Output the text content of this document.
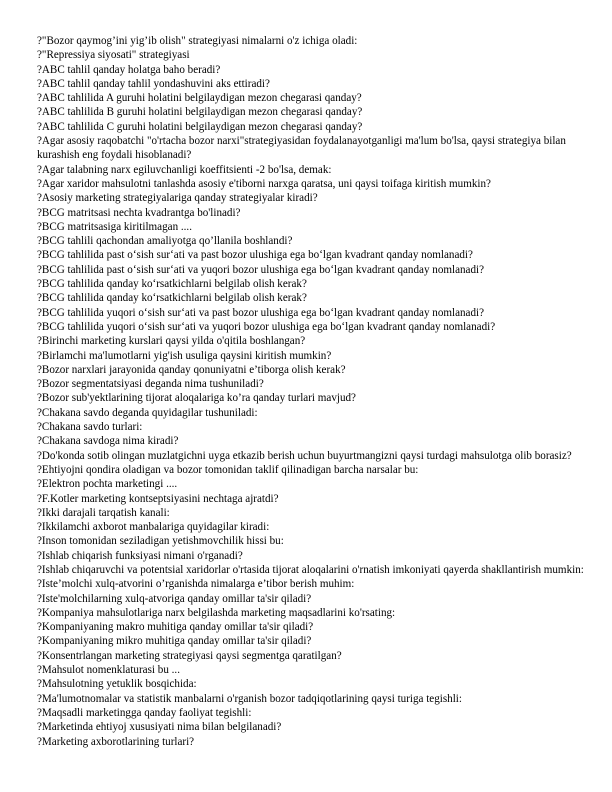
?"Bozor qaymog’ini yig’ib olish" strategiyasi nimalarni o'z ichiga oladi:

?"Repressiya siyosati" strategiyasi

?ABC tahlil qanday holatga baho beradi?

?ABC tahlil qanday tahlil yondashuvini aks ettiradi?

?ABC tahlilida A guruhi holatini belgilaydigan mezon chegarasi qanday?

?ABC tahlilida B guruhi holatini belgilaydigan mezon chegarasi qanday?

?ABC tahlilida C guruhi holatini belgilaydigan mezon chegarasi qanday?

?Agar asosiy raqobatchi "o'rtacha bozor narxi"strategiyasidan foydalanayotganligi ma'lum bo'lsa, qaysi strategiya bilan kurashish eng foydali hisoblanadi?

?Agar talabning narx egiluvchanligi koeffitsienti -2 bo'lsa, demak:

?Agar xaridor mahsulotni tanlashda asosiy e'tiborni narxga qaratsa, uni qaysi toifaga kiritish mumkin?

?Asosiy marketing strategiyalariga qanday strategiyalar kiradi?

?BCG matritsasi nechta kvadrantga bo'linadi?

?BCG matritsasiga kiritilmagan ....

?BCG tahlili qachondan amaliyotga qo’llanila boshlandi?

?BCG tahlilida past o‘sish sur‘ati va past bozor ulushiga ega bo‘lgan kvadrant qanday nomlanadi?

?BCG tahlilida past o‘sish sur‘ati va yuqori bozor ulushiga ega bo‘lgan kvadrant qanday nomlanadi?

?BCG tahlilida qanday ko‘rsatkichlarni belgilab olish kerak?

?BCG tahlilida qanday ko‘rsatkichlarni belgilab olish kerak?

?BCG tahlilida yuqori o‘sish sur‘ati va past bozor ulushiga ega bo‘lgan kvadrant qanday nomlanadi?

?BCG tahlilida yuqori o‘sish sur‘ati va yuqori bozor ulushiga ega bo‘lgan kvadrant qanday nomlanadi?

?Birinchi marketing kurslari qaysi yilda o'qitila boshlangan?

?Birlamchi ma'lumotlarni yig'ish usuliga qaysini kiritish mumkin?

?Bozor narxlari jarayonida qanday qonuniyatni e’tiborga olish kerak?

?Bozor segmentatsiyasi deganda nima tushuniladi?

?Bozor sub'yektlarining tijorat aloqalariga ko’ra qanday turlari mavjud?

?Chakana savdo deganda quyidagilar tushuniladi:

?Chakana savdo turlari:

?Chakana savdoga nima kiradi?

?Do'konda sotib olingan muzlatgichni uyga etkazib berish uchun buyurtmangizni qaysi turdagi mahsulotga olib borasiz?

?Ehtiyojni qondira oladigan va bozor tomonidan taklif qilinadigan barcha narsalar bu:

?Elektron pochta marketingi ....

?F.Kotler marketing kontseptsiyasini nechtaga ajratdi?

?Ikki darajali tarqatish kanali:

?Ikkilamchi axborot manbalariga quyidagilar kiradi:

?Inson tomonidan seziladigan yetishmovchilik hissi bu:

?Ishlab chiqarish funksiyasi nimani o'rganadi?

?Ishlab chiqaruvchi va potentsial xaridorlar o'rtasida tijorat aloqalarini o'rnatish imkoniyati qayerda shakllantirish mumkin:

?Iste’molchi xulq-atvorini o’rganishda nimalarga e’tibor berish muhim:

?Iste'molchilarning xulq-atvoriga qanday omillar ta'sir qiladi?

?Kompaniya mahsulotlariga narx belgilashda marketing maqsadlarini ko'rsating:

?Kompaniyaning makro muhitiga qanday omillar ta'sir qiladi?

?Kompaniyaning mikro muhitiga qanday omillar ta'sir qiladi?

?Konsentrlangan marketing strategiyasi qaysi segmentga qaratilgan?

?Mahsulot nomenklaturasi bu ...

?Mahsulotning yetuklik bosqichida:

?Ma'lumotnomalar va statistik manbalarni o'rganish bozor tadqiqotlarining qaysi turiga tegishli:

?Maqsadli marketingga qanday faoliyat tegishli:

?Marketinda ehtiyoj xususiyati nima bilan belgilanadi?

?Marketing axborotlarining turlari?
